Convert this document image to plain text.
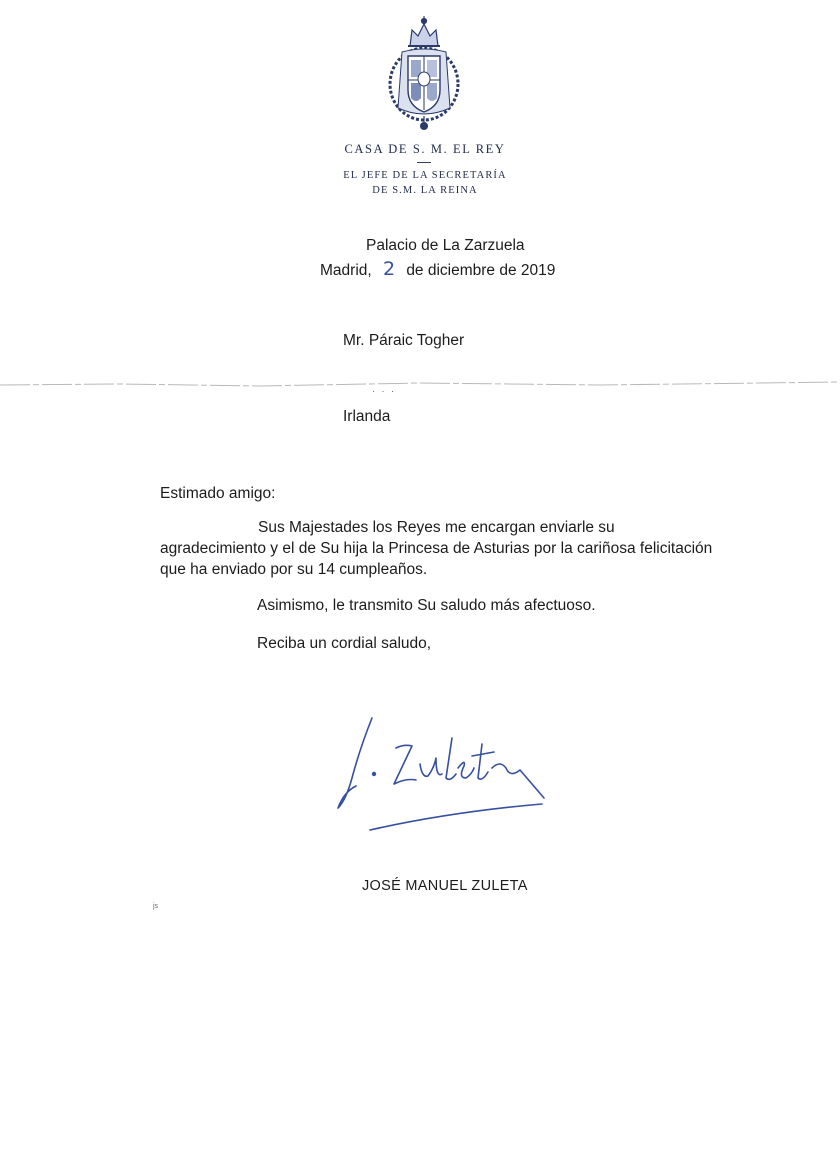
CASA DE S. M. EL REY
EL JEFE DE LA SECRETARÍA
DE S.M. LA REINA
Palacio de La Zarzuela
Madrid, 2 de diciembre de 2019
Mr. Páraic Togher
· · ·
Irlanda
Estimado amigo:
Sus Majestades los Reyes me encargan enviarle su agradecimiento y el de Su hija la Princesa de Asturias por la cariñosa felicitación que ha enviado por su 14 cumpleaños.
Asimismo, le transmito Su saludo más afectuoso.
Reciba un cordial saludo,
JOSÉ MANUEL ZULETA
js
